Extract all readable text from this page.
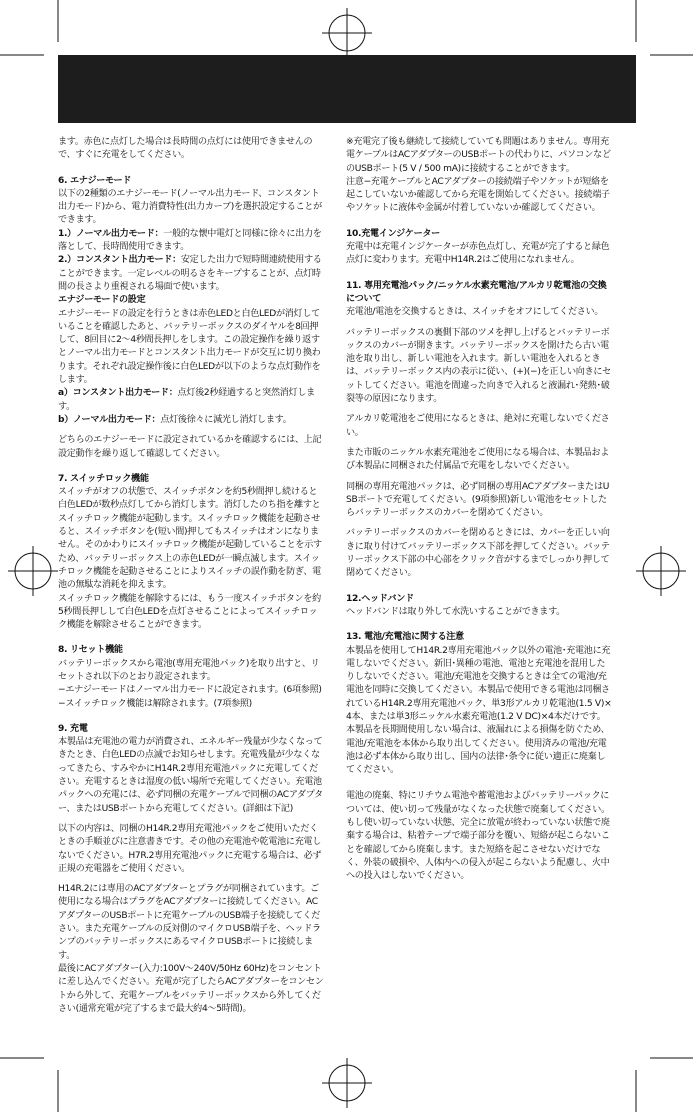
ます。赤色に点灯した場合は長時間の点灯には使用できませんので、すぐに充電をしてください。

6. エナジーモード

以下の2種類のエナジーモード(ノーマル出力モード、コンスタント出力モード)から、電力消費特性(出力カーブ)を選択設定することができます。

1.）ノーマル出力モード：一般的な懐中電灯と同様に徐々に出力を落として、長時間使用できます。

2.）コンスタント出力モード：安定した出力で短時間連続使用することができます。一定レベルの明るさをキープすることが、点灯時間の長さより重視される場面で使います。

エナジーモードの設定

エナジーモードの設定を行うときは赤色LEDと白色LEDが消灯していることを確認したあと、バッテリーボックスのダイヤルを8回押して、8回目に2〜4秒間長押しをします。この設定操作を繰り返すとノーマル出力モードとコンスタント出力モードが交互に切り換わります。それぞれ設定操作後に白色LEDが以下のような点灯動作をします。

a）コンスタント出力モード：点灯後2秒経過すると突然消灯します。

b）ノーマル出力モード：点灯後徐々に減光し消灯します。

どちらのエナジーモードに設定されているかを確認するには、上記設定動作を繰り返して確認してください。

7. スイッチロック機能

スイッチがオフの状態で、スイッチボタンを約5秒間押し続けると白色LEDが数秒点灯してから消灯します。消灯したのち指を離すとスイッチロック機能が起動します。スイッチロック機能を起動させると、スイッチボタンを(短い間)押してもスイッチはオンになりません。そのかわりにスイッチロック機能が起動していることを示すため、バッテリーボックス上の赤色LEDが一瞬点滅します。スイッチロック機能を起動させることによりスイッチの誤作動を防ぎ、電池の無駄な消耗を抑えます。

スイッチロック機能を解除するには、もう一度スイッチボタンを約5秒間長押しして白色LEDを点灯させることによってスイッチロック機能を解除させることができます。

8. リセット機能

バッテリーボックスから電池(専用充電池パック)を取り出すと、リセットされ以下のとおり設定されます。

−エナジーモードはノーマル出力モードに設定されます。(6項参照)

−スイッチロック機能は解除されます。(7項参照)

9. 充電

本製品は充電池の電力が消費され、エネルギー残量が少なくなってきたとき、白色LEDの点滅でお知らせします。充電残量が少なくなってきたら、すみやかにH14R.2専用充電池パックに充電してください。充電するときは湿度の低い場所で充電してください。充電池パックへの充電には、必ず同梱の充電ケーブルで同梱のACアダプター、またはUSBポートから充電してください。(詳細は下記)

以下の内容は、同梱のH14R.2専用充電池パックをご使用いただくときの手順並びに注意書きです。その他の充電池や乾電池に充電しないでください。H7R.2専用充電池パックに充電する場合は、必ず正規の充電器をご使用ください。

H14R.2には専用のACアダプターとプラグが同梱されています。ご使用になる場合はプラグをACアダプターに接続してください。ACアダプターのUSBポートに充電ケーブルのUSB端子を接続してください。また充電ケーブルの反対側のマイクロUSB端子を、ヘッドランプのバッテリーボックスにあるマイクロUSBポートに接続します。

最後にACアダプター(入力:100V〜240V/50Hz 60Hz)をコンセントに差し込んでください。充電が完了したらACアダプターをコンセントから外して、充電ケーブルをバッテリーボックスから外してください(通常充電が完了するまで最大約4〜5時間)。

※充電完了後も継続して接続していても問題はありません。専用充電ケーブルはACアダプターのUSBポートの代わりに、パソコンなどのUSBポート(5 V / 500 mA)に接続することができます。

注意−充電ケーブルとACアダプターの接続端子やソケットが短絡を起こしていないか確認してから充電を開始してください。接続端子やソケットに液体や金属が付着していないか確認してください。

10.充電インジケーター

充電中は充電インジケーターが赤色点灯し、充電が完了すると緑色点灯に変わります。充電中H14R.2はご使用になれません。

11. 専用充電池パック/ニッケル水素充電池/アルカリ乾電池の交換について

充電池/電池を交換するときは、スイッチをオフにしてください。

バッテリーボックスの裏側下部のツメを押し上げるとバッテリーボックスのカバーが開きます。バッテリーボックスを開けたら古い電池を取り出し、新しい電池を入れます。新しい電池を入れるときは、バッテリーボックス内の表示に従い、(+)(−)を正しい向きにセットしてください。電池を間違った向きで入れると液漏れ･発熱･破裂等の原因になります。

アルカリ乾電池をご使用になるときは、絶対に充電しないでください。

また市販のニッケル水素充電池をご使用になる場合は、本製品および本製品に同梱された付属品で充電をしないでください。

同梱の専用充電池パックは、必ず同梱の専用ACアダプターまたはUSBポートで充電してください。(9項参照)新しい電池をセットしたらバッテリーボックスのカバーを閉めてください。

バッテリーボックスのカバーを閉めるときには、カバーを正しい向きに取り付けてバッテリーボックス下部を押してください。バッテリーボックス下部の中心部をクリック音がするまでしっかり押して閉めてください。

12.ヘッドバンド

ヘッドバンドは取り外して水洗いすることができます。

13. 電池/充電池に関する注意

本製品を使用してH14R.2専用充電池パック以外の電池･充電池に充電しないでください。新旧･異種の電池、電池と充電池を混用したりしないでください。電池/充電池を交換するときは全ての電池/充電池を同時に交換してください。本製品で使用できる電池は同梱されているH14R.2専用充電池パック、単3形アルカリ乾電池(1.5 V)×4本、または単3形ニッケル水素充電池(1.2 V DC)×4本だけです。

本製品を長期間使用しない場合は、液漏れによる損傷を防ぐため、電池/充電池を本体から取り出してください。使用済みの電池/充電池は必ず本体から取り出し、国内の法律･条令に従い適正に廃棄してください。

電池の廃棄、特にリチウム電池や蓄電池およびバッテリーパックについては、使い切って残量がなくなった状態で廃棄してください。もし使い切っていない状態、完全に放電が終わっていない状態で廃棄する場合は、粘着テープで端子部分を覆い、短絡が起こらないことを確認してから廃棄します。また短絡を起こさせないだけでなく、外装の破損や、人体内への侵入が起こらないよう配慮し、火中への投入はしないでください。
